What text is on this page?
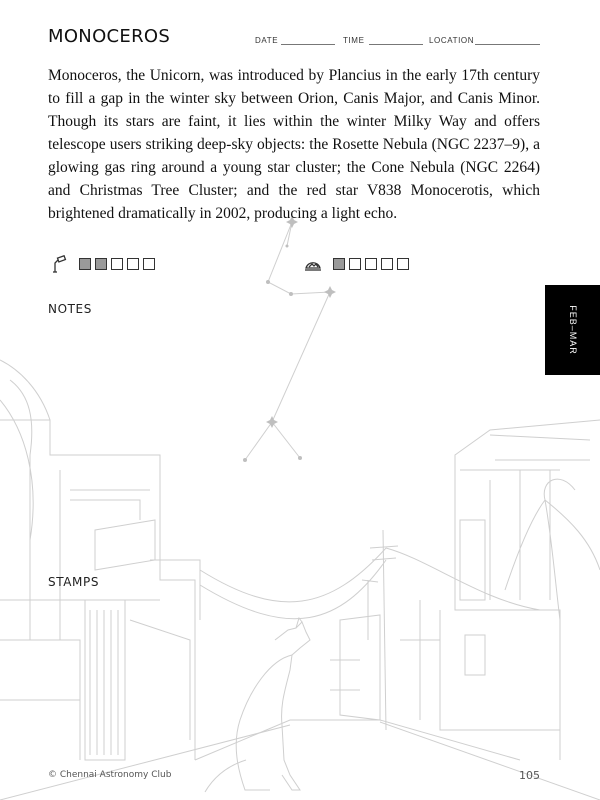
MONOCEROS	DATE	TIME	LOCATION

Monoceros, the Unicorn, was introduced by Plancius in the early 17th century to fill a gap in the winter sky between Orion, Canis Major, and Canis Minor. Though its stars are faint, it lies within the winter Milky Way and offers telescope users striking deep-sky objects: the Rosette Nebula (NGC 2237–9), a glowing gas ring around a young star cluster; the Cone Nebula (NGC 2264) and Christmas Tree Cluster; and the red star V838 Monocerotis, which brightened dramatically in 2002, producing a light echo.

NOTES
STAMPS
FEB–MAR
© Chennai Astronomy Club	105
